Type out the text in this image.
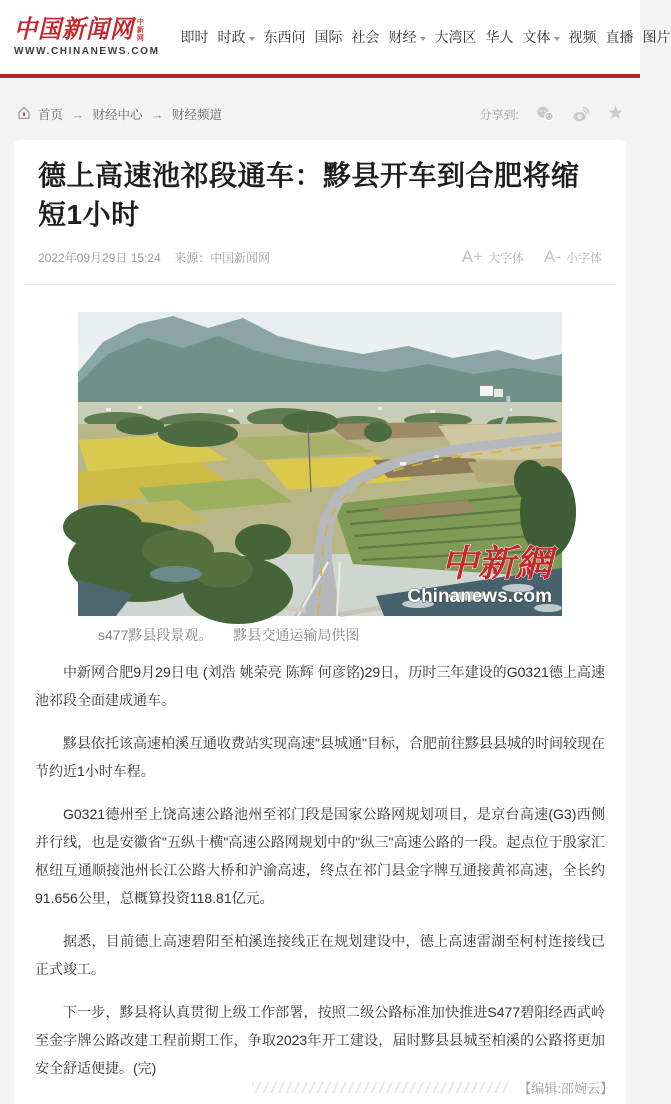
中国新闻网 中新网
WWW.CHINANEWS.COM
即时 时政 东西问 国际 社会 财经 大湾区 华人 文体 视频 直播 图片
首页 → 财经中心 → 财经频道	分享到:	★
德上高速池祁段通车：黟县开车到合肥将缩短1小时
2022年09月29日 15:24 来源：中国新闻网	A+ 大字体 A- 小字体
中新網
Chinanews.com
s477黟县段景观。　　黟县交通运输局供图

中新网合肥9月29日电 (刘浩 姚荣亮 陈辉 何彦铭)29日，历时三年建设的G0321德上高速池祁段全面建成通车。

黟县依托该高速柏溪互通收费站实现高速"县城通"目标，合肥前往黟县县城的时间较现在节约近1小时车程。

G0321德州至上饶高速公路池州至祁门段是国家公路网规划项目，是京台高速(G3)西侧并行线，也是安徽省"五纵十横"高速公路网规划中的"纵三"高速公路的一段。起点位于殷家汇枢纽互通顺接池州长江公路大桥和沪渝高速，终点在祁门县金字牌互通接黄祁高速，全长约91.656公里，总概算投资118.81亿元。

据悉，目前德上高速碧阳至柏溪连接线正在规划建设中，德上高速雷湖至柯村连接线已正式竣工。

下一步，黟县将认真贯彻上级工作部署，按照二级公路标准加快推进S477碧阳经西武岭至金字牌公路改建工程前期工作，争取2023年开工建设，届时黟县县城至柏溪的公路将更加安全舒适便捷。(完)

【编辑:邵婉云】
